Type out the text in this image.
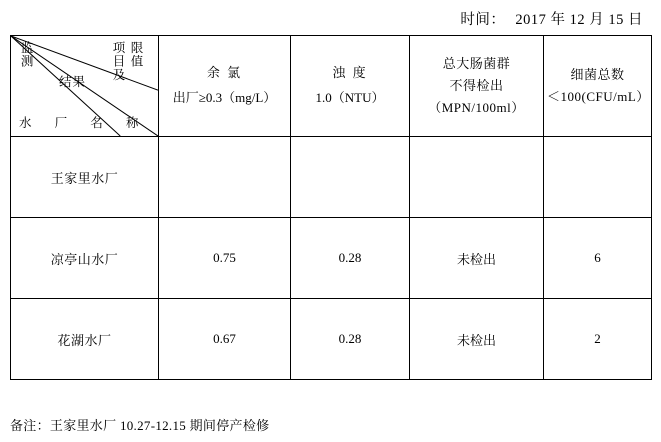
时间： 2017 年 12 月 15 日
项目及 限值
监测
结果
水 厂 名 称

余 氯
出厂≥0.3（mg/L）

浊 度
1.0（NTU）

总大肠菌群
不得检出
（MPN/100ml）

细菌总数
＜100(CFU/mL）

王家里水厂				
凉亭山水厂	0.75	0.28	未检出	6
花湖水厂	0.67	0.28	未检出	2
备注：王家里水厂 10.27-12.15 期间停产检修
